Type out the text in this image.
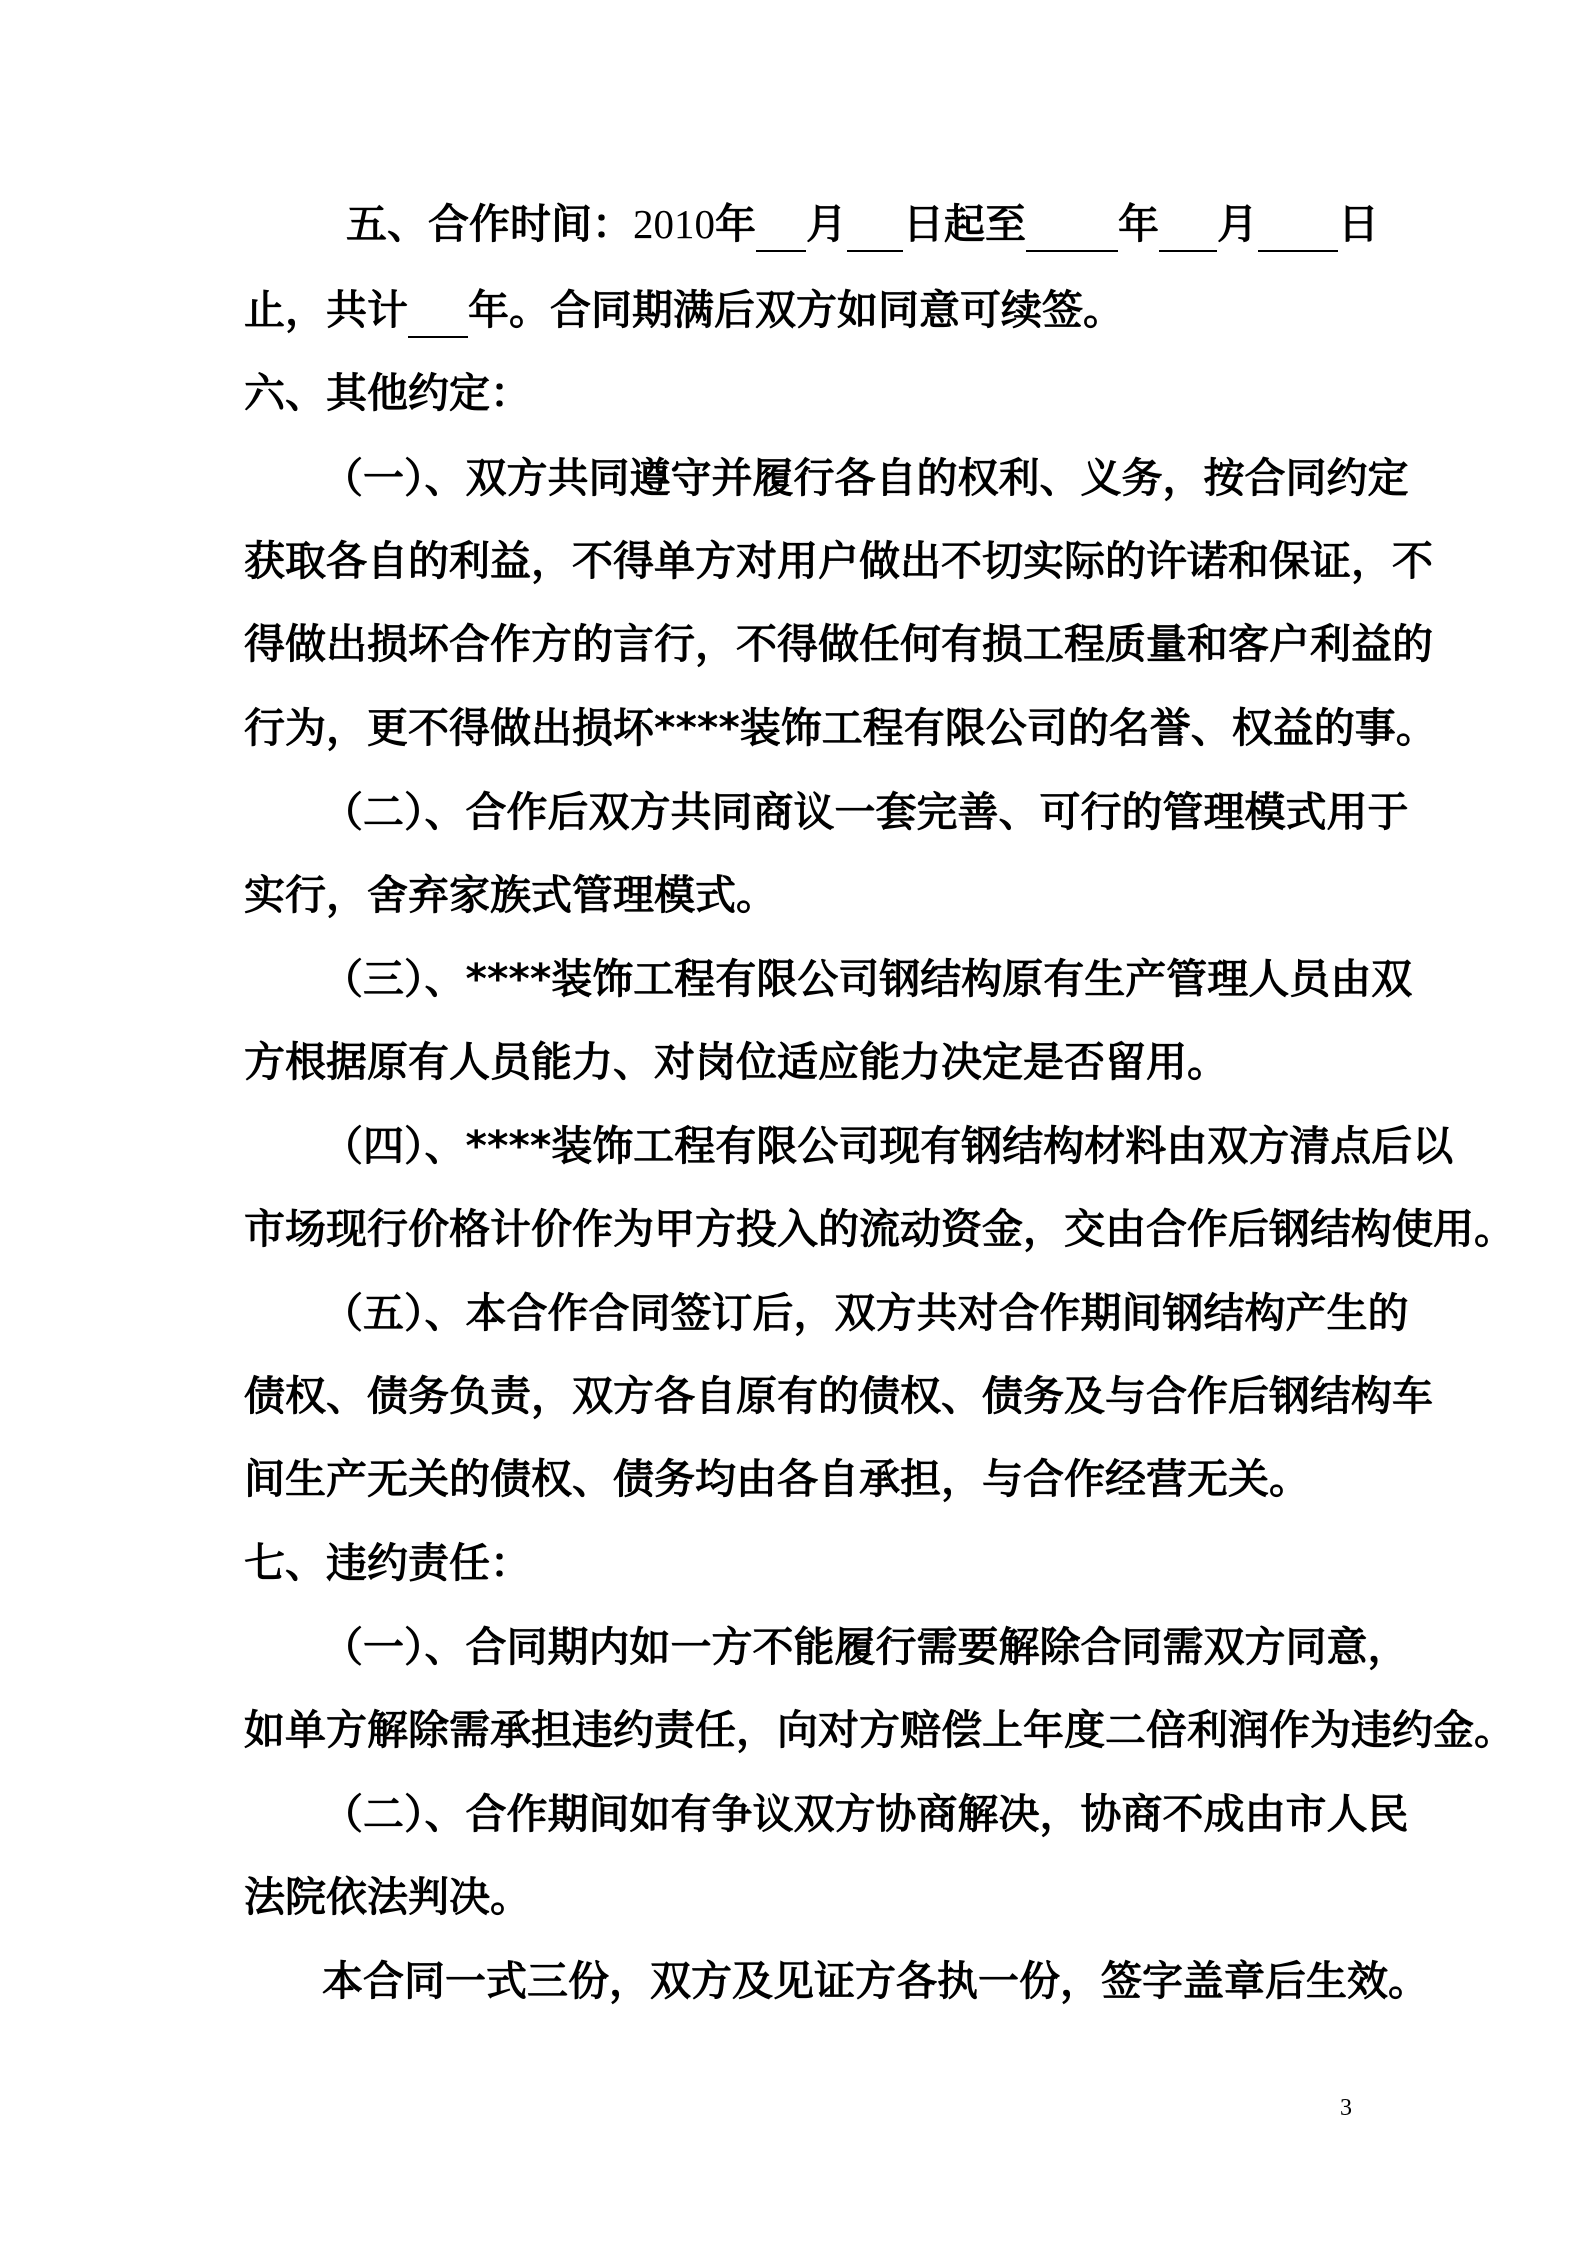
五、合作时间：2010年 月 日起至 年 月 日
止，共计 年。合同期满后双方如同意可续签。
六、其他约定：
（一）、双方共同遵守并履行各自的权利、义务，按合同约定
获取各自的利益，不得单方对用户做出不切实际的许诺和保证，不
得做出损坏合作方的言行，不得做任何有损工程质量和客户利益的
行为，更不得做出损坏****装饰工程有限公司的名誉、权益的事。
（二）、合作后双方共同商议一套完善、可行的管理模式用于
实行，舍弃家族式管理模式。
（三）、****装饰工程有限公司钢结构原有生产管理人员由双
方根据原有人员能力、对岗位适应能力决定是否留用。
（四）、****装饰工程有限公司现有钢结构材料由双方清点后以
市场现行价格计价作为甲方投入的流动资金，交由合作后钢结构使用。
（五）、本合作合同签订后，双方共对合作期间钢结构产生的
债权、债务负责，双方各自原有的债权、债务及与合作后钢结构车
间生产无关的债权、债务均由各自承担，与合作经营无关。
七、违约责任：
（一）、合同期内如一方不能履行需要解除合同需双方同意，
如单方解除需承担违约责任，向对方赔偿上年度二倍利润作为违约金。
（二）、合作期间如有争议双方协商解决，协商不成由市人民
法院依法判决。
本合同一式三份，双方及见证方各执一份，签字盖章后生效。
3
